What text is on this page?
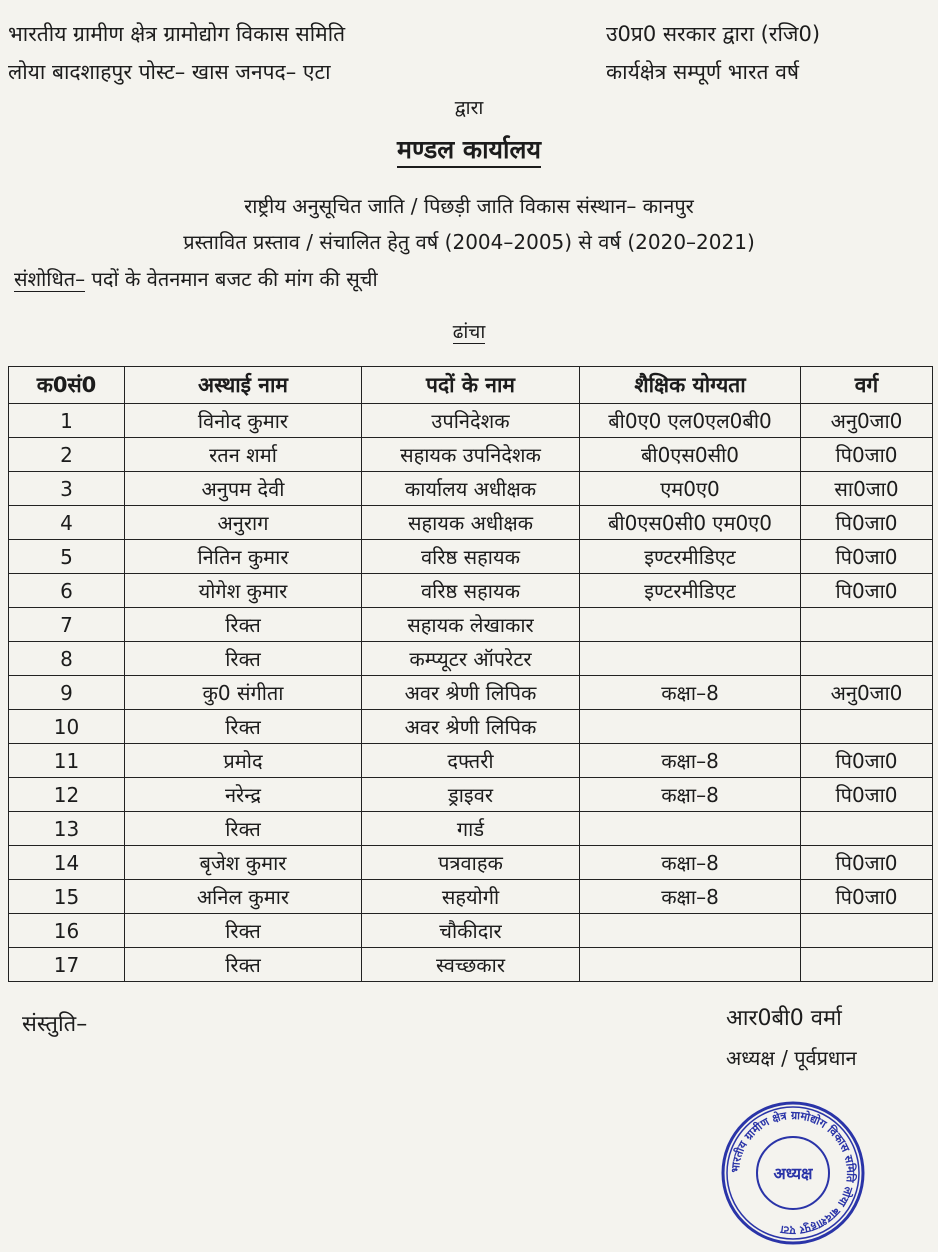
भारतीय ग्रामीण क्षेत्र ग्रामोद्योग विकास समिति
लोया बादशाहपुर पोस्ट– खास जनपद– एटा
उ0प्र0 सरकार द्वारा (रजि0)
कार्यक्षेत्र सम्पूर्ण भारत वर्ष
द्वारा
मण्डल कार्यालय
राष्ट्रीय अनुसूचित जाति / पिछड़ी जाति विकास संस्थान– कानपुर
प्रस्तावित प्रस्ताव / संचालित हेतु वर्ष (2004–2005) से वर्ष (2020–2021)
संशोधित– पदों के वेतनमान बजट की मांग की सूची
ढांचा
क0सं0	अस्थाई नाम	पदों के नाम	शैक्षिक योग्यता	वर्ग
1	विनोद कुमार	उपनिदेशक	बी0ए0 एल0एल0बी0	अनु0जा0
2	रतन शर्मा	सहायक उपनिदेशक	बी0एस0सी0	पि0जा0
3	अनुपम देवी	कार्यालय अधीक्षक	एम0ए0	सा0जा0
4	अनुराग	सहायक अधीक्षक	बी0एस0सी0 एम0ए0	पि0जा0
5	नितिन कुमार	वरिष्ठ सहायक	इण्टरमीडिएट	पि0जा0
6	योगेश कुमार	वरिष्ठ सहायक	इण्टरमीडिएट	पि0जा0
7	रिक्त	सहायक लेखाकार		
8	रिक्त	कम्प्यूटर ऑपरेटर		
9	कु0 संगीता	अवर श्रेणी लिपिक	कक्षा–8	अनु0जा0
10	रिक्त	अवर श्रेणी लिपिक		
11	प्रमोद	दफ्तरी	कक्षा–8	पि0जा0
12	नरेन्द्र	ड्राइवर	कक्षा–8	पि0जा0
13	रिक्त	गार्ड		
14	बृजेश कुमार	पत्रवाहक	कक्षा–8	पि0जा0
15	अनिल कुमार	सहयोगी	कक्षा–8	पि0जा0
16	रिक्त	चौकीदार		
17	रिक्त	स्वच्छकार		
संस्तुति–	आर0बी0 वर्मा
अध्यक्ष / पूर्वप्रधान
भारतीय ग्रामीण क्षेत्र ग्रामोद्योग विकास समिति लोया बादशाहपुर एटा
अध्यक्ष
